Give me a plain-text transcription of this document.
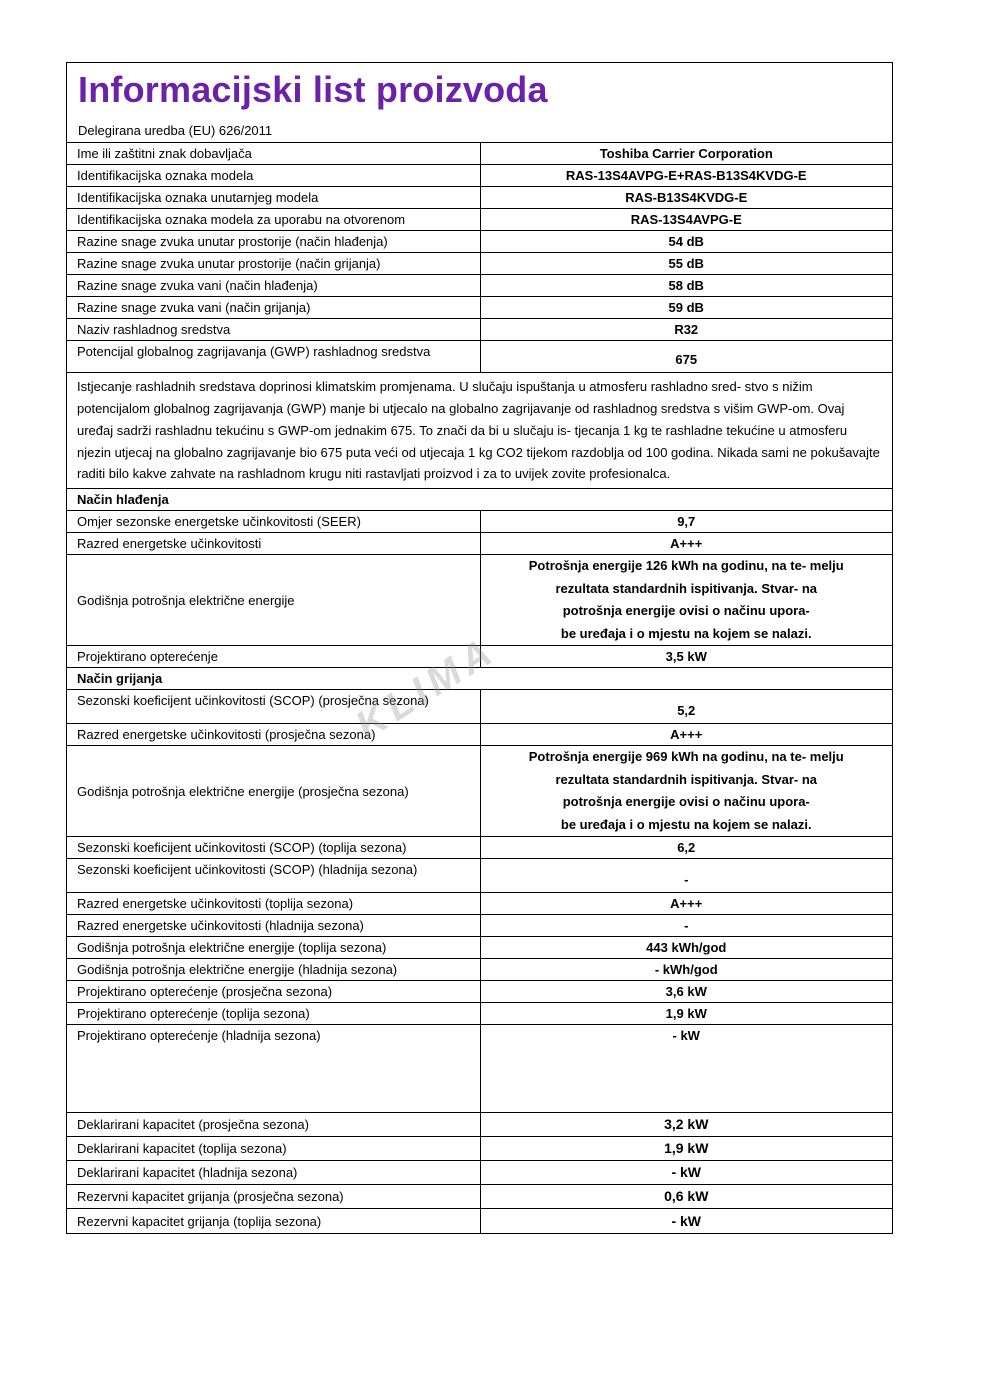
Informacijski list proizvoda
Delegirana uredba (EU) 626/2011
Ime ili zaštitni znak dobavljača	Toshiba Carrier Corporation
Identifikacijska oznaka modela	RAS-13S4AVPG-E+RAS-B13S4KVDG-E
Identifikacijska oznaka unutarnjeg modela	RAS-B13S4KVDG-E
Identifikacijska oznaka modela za uporabu na otvorenom	RAS-13S4AVPG-E
Razine snage zvuka unutar prostorije (način hlađenja)	54 dB
Razine snage zvuka unutar prostorije (način grijanja)	55 dB
Razine snage zvuka vani (način hlađenja)	58 dB
Razine snage zvuka vani (način grijanja)	59 dB
Naziv rashladnog sredstva	R32
Potencijal globalnog zagrijavanja (GWP) rashladnog sredstva	675
Istjecanje rashladnih sredstava doprinosi klimatskim promjenama. U slučaju ispuštanja u atmosferu rashladno sred- stvo s nižim potencijalom globalnog zagrijavanja (GWP) manje bi utjecalo na globalno zagrijavanje od rashladnog sredstva s višim GWP-om. Ovaj uređaj sadrži rashladnu tekućinu s GWP-om jednakim 675. To znači da bi u slučaju is- tjecanja 1 kg te rashladne tekućine u atmosferu njezin utjecaj na globalno zagrijavanje bio 675 puta veći od utjecaja 1 kg CO2 tijekom razdoblja od 100 godina. Nikada sami ne pokušavajte raditi bilo kakve zahvate na rashladnom krugu niti rastavljati proizvod i za to uvijek zovite profesionalca.	
Način hlađenja	
Omjer sezonske energetske učinkovitosti (SEER)	9,7
Razred energetske učinkovitosti	A+++
Godišnja potrošnja električne energije	Potrošnja energije 126 kWh na godinu, na te- melju
rezultata standardnih ispitivanja. Stvar- na
potrošnja energije ovisi o načinu upora-
be uređaja i o mjestu na kojem se nalazi.

Projektirano opterećenje	3,5 kW
Način grijanja	
Sezonski koeficijent učinkovitosti (SCOP) (prosječna sezona)	5,2
Razred energetske učinkovitosti (prosječna sezona)	A+++
Godišnja potrošnja električne energije (prosječna sezona)	Potrošnja energije 969 kWh na godinu, na te- melju
rezultata standardnih ispitivanja. Stvar- na
potrošnja energije ovisi o načinu upora-
be uređaja i o mjestu na kojem se nalazi.

Sezonski koeficijent učinkovitosti (SCOP) (toplija sezona)	6,2
Sezonski koeficijent učinkovitosti (SCOP) (hladnija sezona)	-
Razred energetske učinkovitosti (toplija sezona)	A+++
Razred energetske učinkovitosti (hladnija sezona)	-
Godišnja potrošnja električne energije (toplija sezona)	443 kWh/god
Godišnja potrošnja električne energije (hladnija sezona)	- kWh/god
Projektirano opterećenje (prosječna sezona)	3,6 kW
Projektirano opterećenje (toplija sezona)	1,9 kW
Projektirano opterećenje (hladnija sezona)	- kW
Deklarirani kapacitet (prosječna sezona)	3,2 kW
Deklarirani kapacitet (toplija sezona)	1,9 kW
Deklarirani kapacitet (hladnija sezona)	- kW
Rezervni kapacitet grijanja (prosječna sezona)	0,6 kW
Rezervni kapacitet grijanja (toplija sezona)	- kW
KLIMA
